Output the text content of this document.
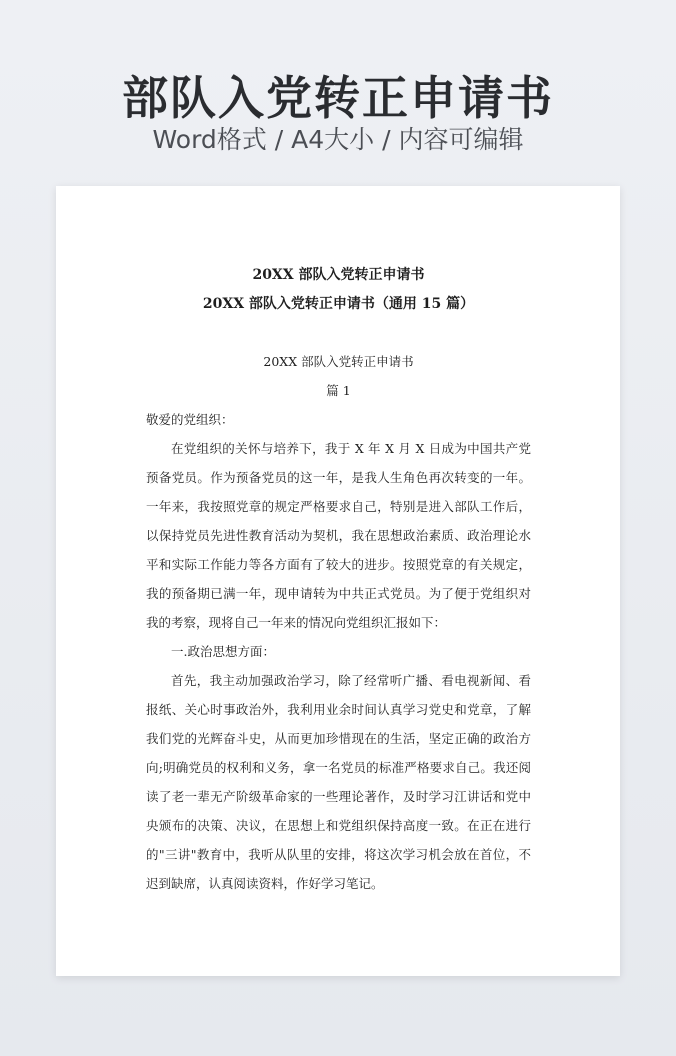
部队入党转正申请书
Word格式 / A4大小 / 内容可编辑
20XX 部队入党转正申请书
20XX 部队入党转正申请书（通用 15 篇）
20XX 部队入党转正申请书
篇 1
敬爱的党组织：

在党组织的关怀与培养下，我于 X 年 X 月 X 日成为中国共产党预备党员。作为预备党员的这一年，是我人生角色再次转变的一年。一年来，我按照党章的规定严格要求自己，特别是进入部队工作后，以保持党员先进性教育活动为契机，我在思想政治素质、政治理论水平和实际工作能力等各方面有了较大的进步。按照党章的有关规定，我的预备期已满一年，现申请转为中共正式党员。为了便于党组织对我的考察，现将自己一年来的情况向党组织汇报如下：

一.政治思想方面：

首先，我主动加强政治学习，除了经常听广播、看电视新闻、看报纸、关心时事政治外，我利用业余时间认真学习党史和党章，了解我们党的光辉奋斗史，从而更加珍惜现在的生活，坚定正确的政治方向;明确党员的权利和义务，拿一名党员的标准严格要求自己。我还阅读了老一辈无产阶级革命家的一些理论著作，及时学习江讲话和党中央颁布的决策、决议，在思想上和党组织保持高度一致。在正在进行的"三讲"教育中，我听从队里的安排，将这次学习机会放在首位，不迟到缺席，认真阅读资料，作好学习笔记。
